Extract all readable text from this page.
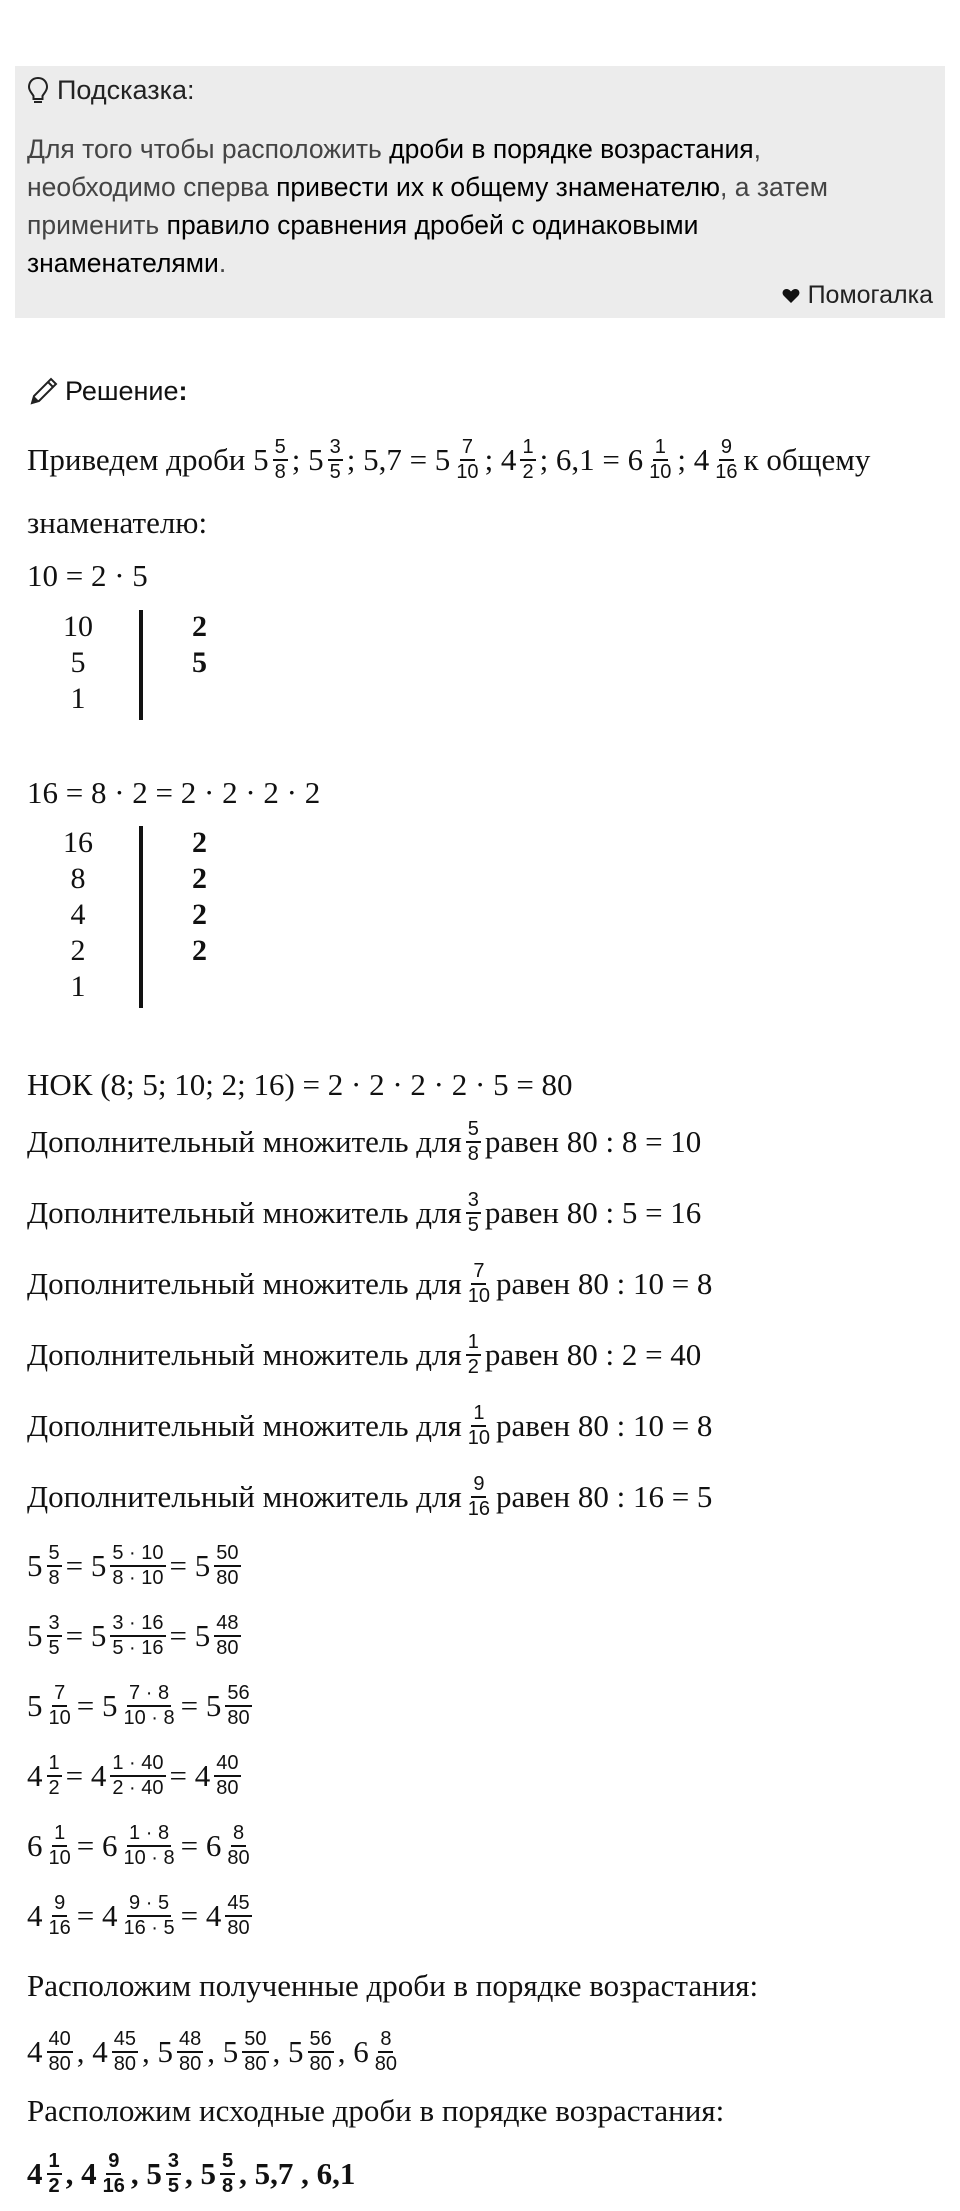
Подсказка:
Для того чтобы расположить дроби в порядке возрастания,
необходимо сперва привести их к общему знаменателю, а затем
применить правило сравнения дробей с одинаковыми
знаменателями.
Помогалка
Решение :
Приведем дроби 5 5
8 ; 5 3
5 ; 5,7 = 5 7
10 ; 4 1
2 ; 6,1 = 6 1
10 ; 4 9
16 к общему
знаменателю:
10 = 2 · 5
10	2
5	5
1
16 = 8 · 2 = 2 · 2 · 2 · 2
16	2
8	2
4	2
2	2
1
НОК (8; 5; 10; 2; 16) = 2 · 2 · 2 · 2 · 5 = 80
Дополнительный множитель для $\frac{5}{8}$ равен 80 : 8 = 10
Дополнительный множитель для $\frac{3}{5}$ равен 80 : 5 = 16
Дополнительный множитель для $\frac{7}{10}$ равен 80 : 10 = 8
Дополнительный множитель для $\frac{1}{2}$ равен 80 : 2 = 40
Дополнительный множитель для $\frac{1}{10}$ равен 80 : 10 = 8
Дополнительный множитель для $\frac{9}{16}$ равен 80 : 16 = 5
$5 \frac{5}{8} = 5 \frac{5 \cdot 10}{8 \cdot 10} = 5 \frac{50}{80}$
$5 \frac{3}{5} = 5 \frac{3 \cdot 16}{5 \cdot 16} = 5 \frac{48}{80}$
$5 \frac{7}{10} = 5 \frac{7 \cdot 8}{10 \cdot 8} = 5 \frac{56}{80}$
$4 \frac{1}{2} = 4 \frac{1 \cdot 40}{2 \cdot 40} = 4 \frac{40}{80}$
$6 \frac{1}{10} = 6 \frac{1 \cdot 8}{10 \cdot 8} = 6 \frac{8}{80}$
$4 \frac{9}{16} = 4 \frac{9 \cdot 5}{16 \cdot 5} = 4 \frac{45}{80}$
Расположим полученные дроби в порядке возрастания:
4 40
80 , 4 45
80 , 5 48
80 , 5 50
80 , 5 56
80 , 6 8
80
Расположим исходные дроби в порядке возрастания:
4 1
2 , 4 9
16 , 5 3
5 , 5 5
8 , 5,7 , 6,1
